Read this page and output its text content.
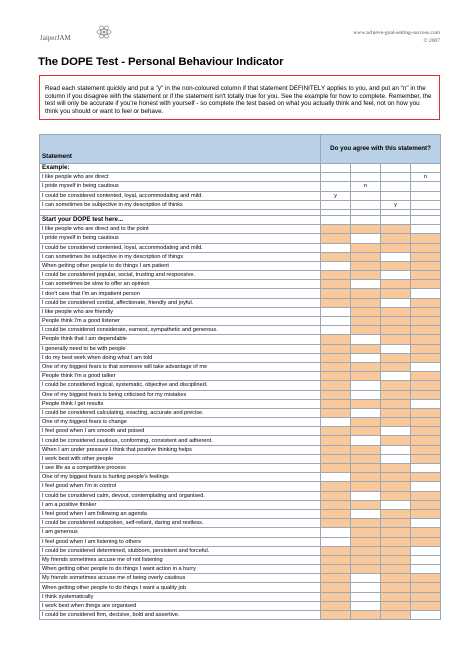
JaiperJAM
www.achieve-goal-setting-success.com
© 2007
The DOPE Test - Personal Behaviour Indicator
Read each statement quickly and put a "y" in the non-coloured column if that statement DEFINITELY applies to you, and put an "n" in the column if you disagree with the statement or if the statement isn't totally true for you. See the example for how to complete. Remember, the test will only be accurate if you're honest with yourself - so complete the test based on what you actually think and feel, not on how you think you should or want to feel or behave.
Statement	Do you agree with this statement?			
Example:				
I like people who are direct				n
I pride myself in being cautious		n		
I could be considered contented, loyal, accommodating and mild.	y			
I can sometimes be subjective in my description of thinks			y	

Start your DOPE test here...				
I like people who are direct and to the point				
I pride myself in being cautious				
I could be considered contented, loyal, accommodating and mild.				
I can sometimes be subjective in my description of things				
When getting other people to do things I am patient				
I could be considered popular, social, trusting and responsive.				
I can sometimes be slow to offer an opinion				
I don't care that I'm an impatient person				
I could be considered cordial, affectionate, friendly and joyful.				
I like people who are friendly				
People think I'm a good listener				
I could be considered considerate, earnest, sympathetic and generous.				
People think that I am dependable				
I generally need to be with people				
I do my best work when doing what I am told				
One of my biggest fears is that someone will take advantage of me				
People think I'm a good talker				
I could be considered logical, systematic, objective and disciplined.				
One of my biggest fears is being criticised for my mistakes				
People think I get results				
I could be considered calculating, exacting, accurate and precise.				
One of my biggest fears is change				
I feel good when I am smooth and poised				
I could be considered cautious, conforming, consistent and adherent.				
When I am under pressure I think that positive thinking helps				
I work best with other people				
I see life as a competitive process				
One of my biggest fears is hurting people's feelings				
I feel good when I'm in control				
I could be considered calm, devout, contemplating and organised.				
I am a positive thinker				
I feel good when I am following an agenda				
I could be considered outspoken, self-reliant, daring and restless.				
I am generous				
I feel good when I am listening to others				
I could be considered determined, stubborn, persistent and forceful.				
My friends sometimes accuse me of not listening				
When getting other people to do things I want action in a hurry				
My friends sometimes accuse me of being overly cautious				
When getting other people to do things I want a quality job				
I think systematically				
I work best when things are organised				
I could be considered firm, decisive, bold and assertive.				
